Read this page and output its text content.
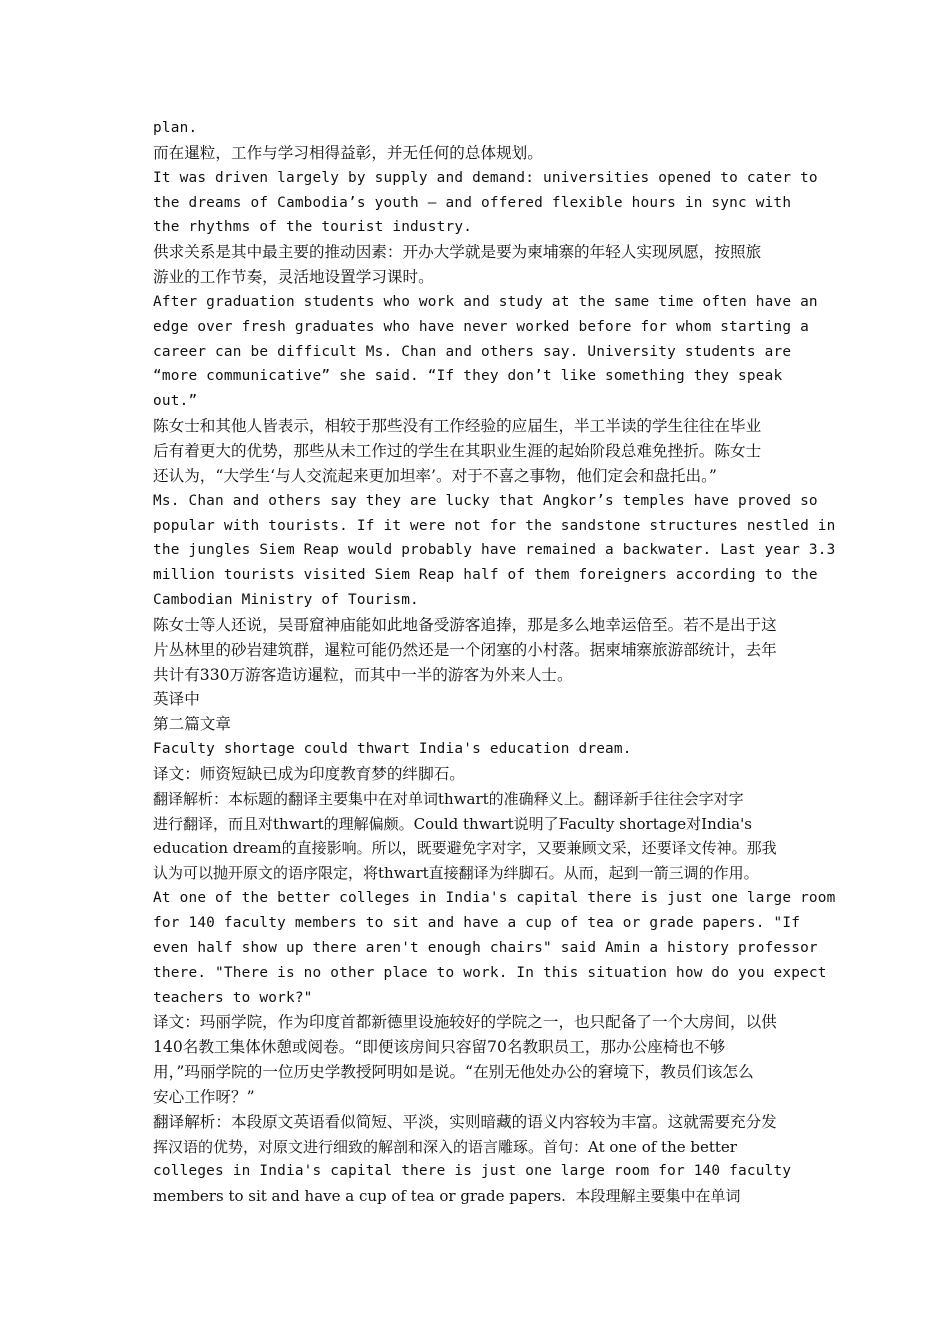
plan.
而在暹粒，工作与学习相得益彰，并无任何的总体规划。
It was driven largely by supply and demand: universities opened to cater to
the dreams of Cambodia’s youth — and offered flexible hours in sync with
the rhythms of the tourist industry.
供求关系是其中最主要的推动因素：开办大学就是要为柬埔寨的年轻人实现夙愿，按照旅
游业的工作节奏，灵活地设置学习课时。
After graduation students who work and study at the same time often have an
edge over fresh graduates who have never worked before for whom starting a
career can be difficult Ms. Chan and others say. University students are
“more communicative” she said. “If they don’t like something they speak
out.”
陈女士和其他人皆表示，相较于那些没有工作经验的应届生，半工半读的学生往往在毕业
后有着更大的优势，那些从未工作过的学生在其职业生涯的起始阶段总难免挫折。陈女士
还认为，“大学生‘与人交流起来更加坦率’。对于不喜之事物，他们定会和盘托出。”
Ms. Chan and others say they are lucky that Angkor’s temples have proved so
popular with tourists. If it were not for the sandstone structures nestled in
the jungles Siem Reap would probably have remained a backwater. Last year 3.3
million tourists visited Siem Reap half of them foreigners according to the
Cambodian Ministry of Tourism.
陈女士等人还说，吴哥窟神庙能如此地备受游客追捧，那是多么地幸运倍至。若不是出于这
片丛林里的砂岩建筑群，暹粒可能仍然还是一个闭塞的小村落。据柬埔寨旅游部统计，去年
共计有330万游客造访暹粒，而其中一半的游客为外来人士。
英译中
第二篇文章
Faculty shortage could thwart India's education dream.
译文：师资短缺已成为印度教育梦的绊脚石。
翻译解析：本标题的翻译主要集中在对单词thwart的准确释义上。翻译新手往往会字对字
进行翻译，而且对thwart的理解偏颇。Could thwart说明了Faculty shortage对India's
education dream的直接影响。所以，既要避免字对字，又要兼顾文采，还要译文传神。那我
认为可以抛开原文的语序限定，将thwart直接翻译为绊脚石。从而，起到一箭三调的作用。
At one of the better colleges in India's capital there is just one large room
for 140 faculty members to sit and have a cup of tea or grade papers. "If
even half show up there aren't enough chairs" said Amin a history professor
there. "There is no other place to work. In this situation how do you expect
teachers to work?"
译文：玛丽学院，作为印度首都新德里设施较好的学院之一，也只配备了一个大房间，以供
140名教工集体休憩或阅卷。“即便该房间只容留70名教职员工，那办公座椅也不够
用，”玛丽学院的一位历史学教授阿明如是说。“在别无他处办公的窘境下，教员们该怎么
安心工作呀？”
翻译解析：本段原文英语看似简短、平淡，实则暗藏的语义内容较为丰富。这就需要充分发
挥汉语的优势，对原文进行细致的解剖和深入的语言雕琢。首句：At one of the better
colleges in India's capital there is just one large room for 140 faculty
members to sit and have a cup of tea or grade papers.  本段理解主要集中在单词
